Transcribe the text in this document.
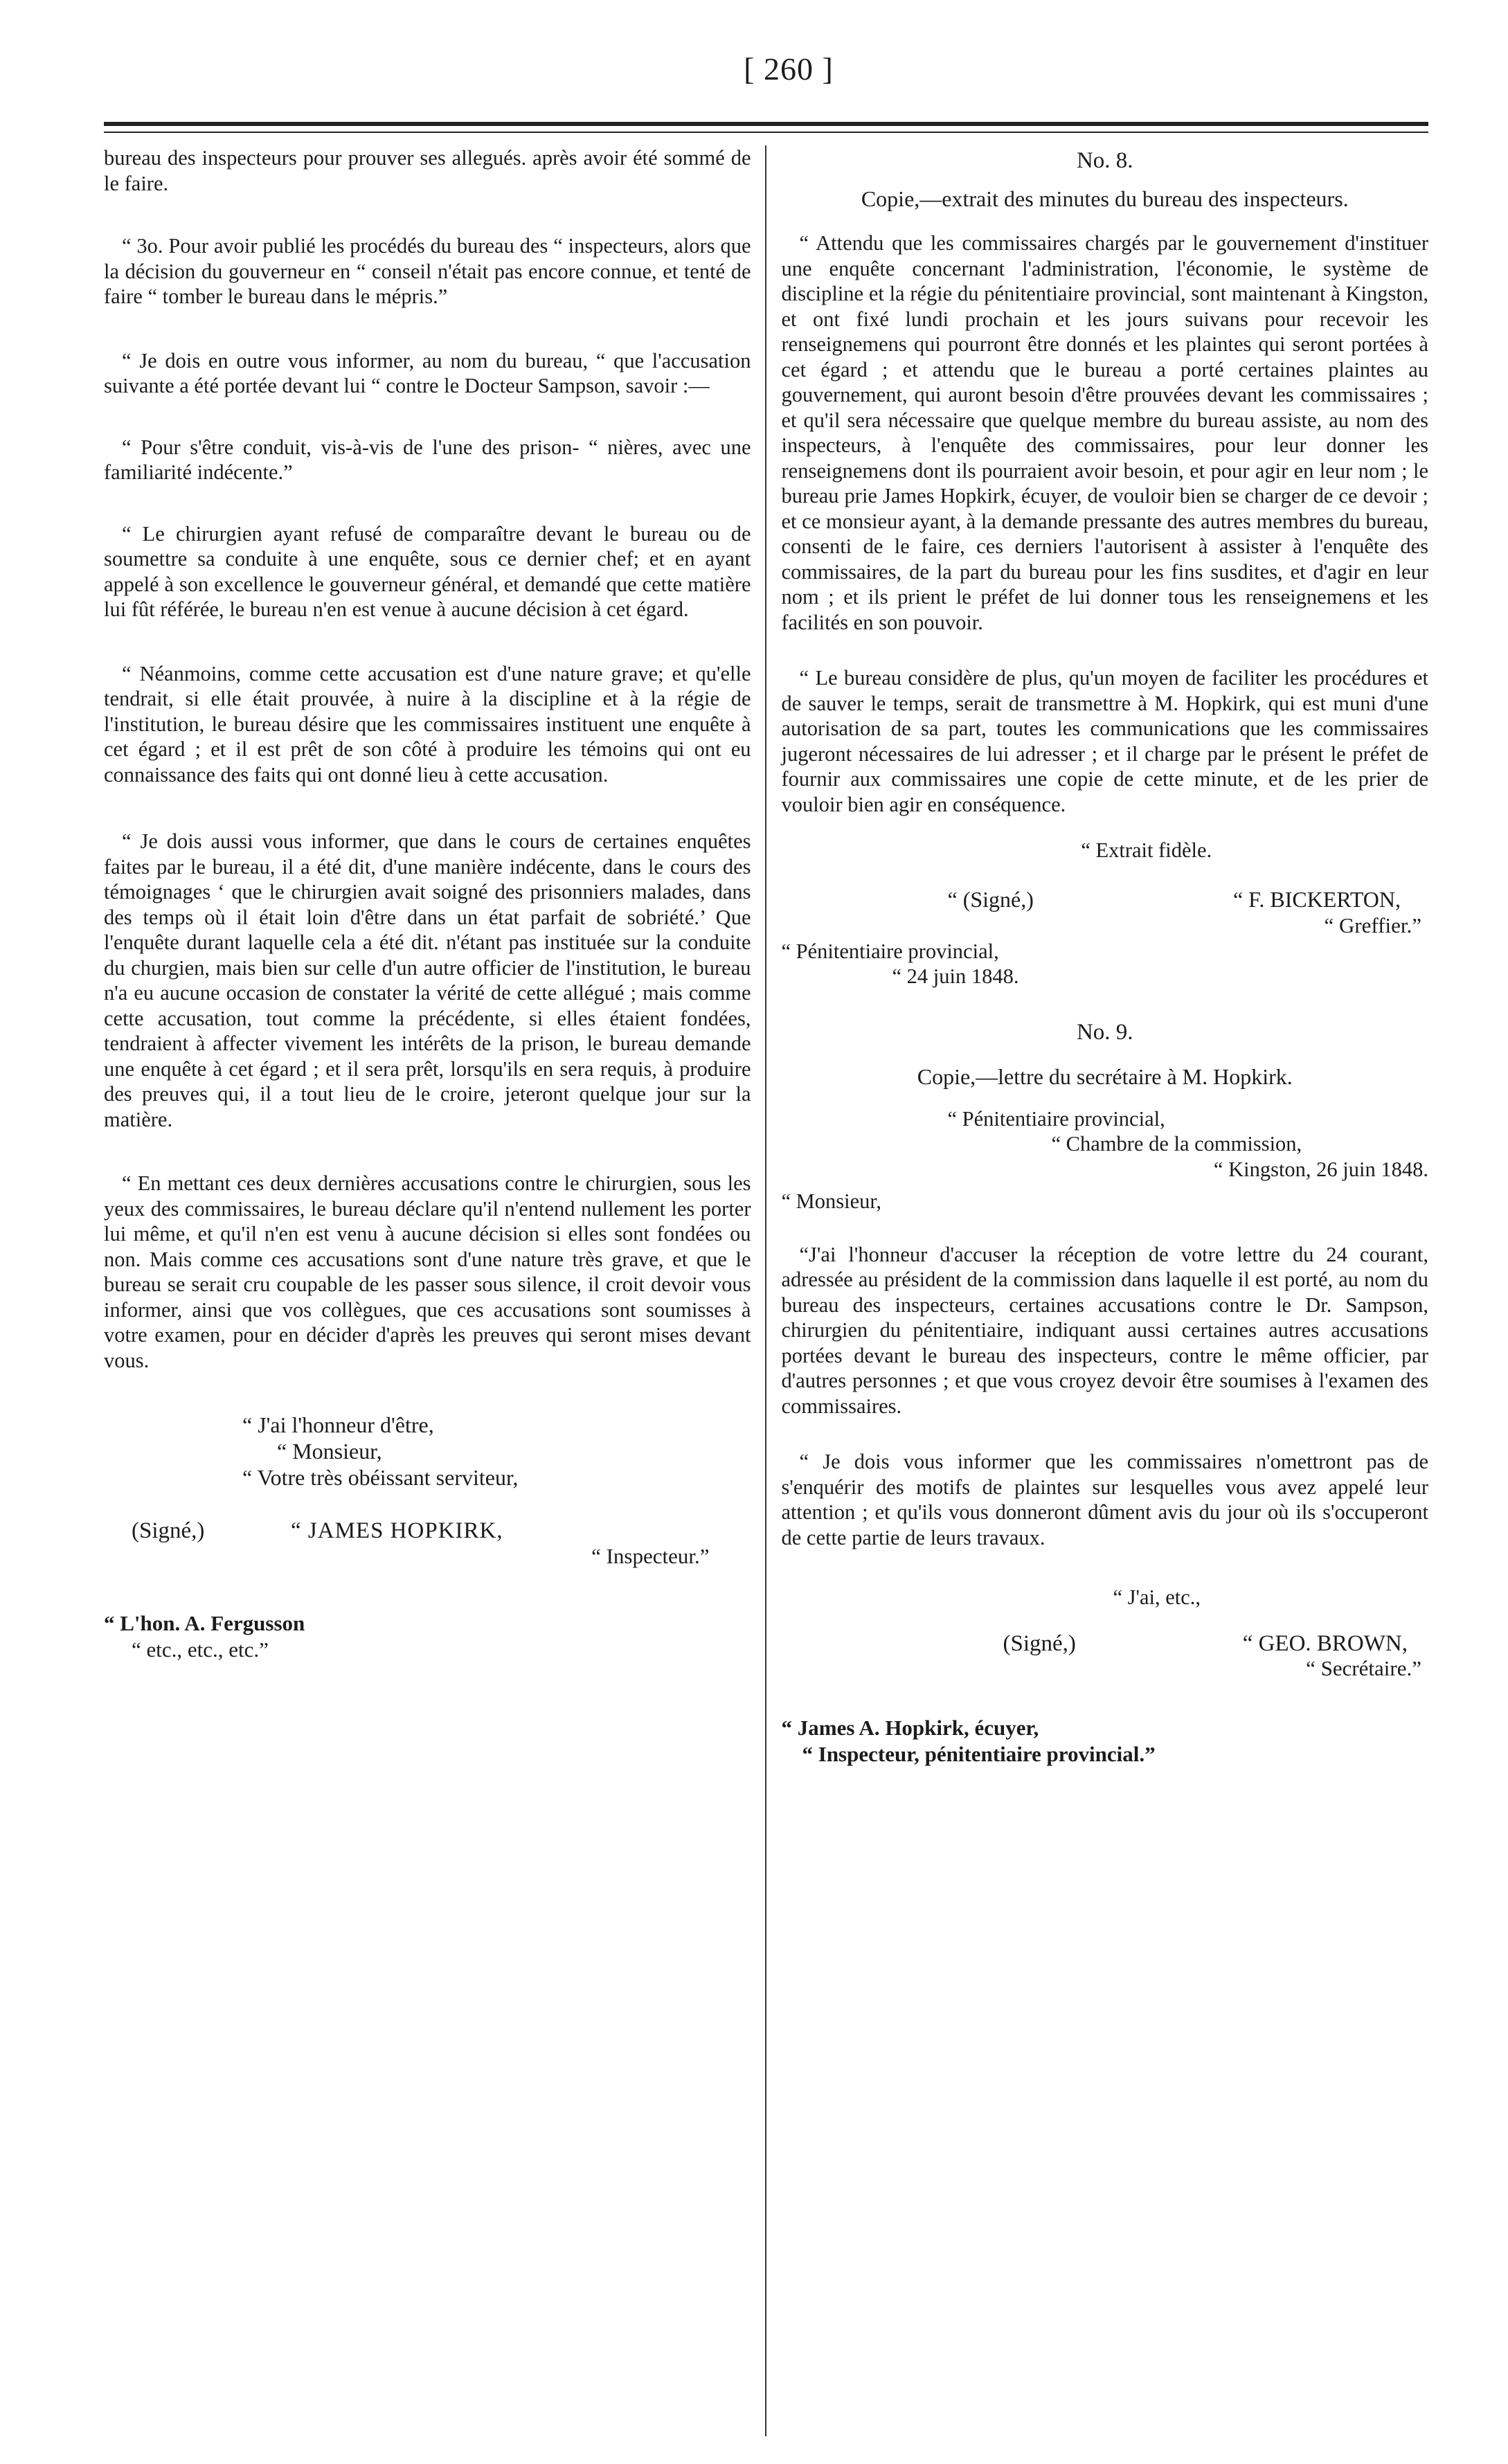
[ 260 ]

bureau des inspecteurs pour prouver ses allegués. après avoir été sommé de le faire.

“ 3o. Pour avoir publié les procédés du bureau des “ inspecteurs, alors que la décision du gouverneur en “ conseil n'était pas encore connue, et tenté de faire “ tomber le bureau dans le mépris.”

“ Je dois en outre vous informer, au nom du bureau, “ que l'accusation suivante a été portée devant lui “ contre le Docteur Sampson, savoir :—

“ Pour s'être conduit, vis-à-vis de l'une des prison- “ nières, avec une familiarité indécente.”

“ Le chirurgien ayant refusé de comparaître devant le bureau ou de soumettre sa conduite à une enquête, sous ce dernier chef; et en ayant appelé à son excellence le gouverneur général, et demandé que cette matière lui fût référée, le bureau n'en est venue à aucune décision à cet égard.

“ Néanmoins, comme cette accusation est d'une nature grave; et qu'elle tendrait, si elle était prouvée, à nuire à la discipline et à la régie de l'institution, le bureau désire que les commissaires instituent une enquête à cet égard ; et il est prêt de son côté à produire les témoins qui ont eu connaissance des faits qui ont donné lieu à cette accusation.

“ Je dois aussi vous informer, que dans le cours de certaines enquêtes faites par le bureau, il a été dit, d'une manière indécente, dans le cours des témoignages ‘ que le chirurgien avait soigné des prisonniers malades, dans des temps où il était loin d'être dans un état parfait de sobriété.’ Que l'enquête durant laquelle cela a été dit. n'étant pas instituée sur la conduite du churgien, mais bien sur celle d'un autre officier de l'institution, le bureau n'a eu aucune occasion de constater la vérité de cette allégué ; mais comme cette accusation, tout comme la précédente, si elles étaient fondées, tendraient à affecter vivement les intérêts de la prison, le bureau demande une enquête à cet égard ; et il sera prêt, lorsqu'ils en sera requis, à produire des preuves qui, il a tout lieu de le croire, jeteront quelque jour sur la matière.

“ En mettant ces deux dernières accusations contre le chirurgien, sous les yeux des commissaires, le bureau déclare qu'il n'entend nullement les porter lui même, et qu'il n'en est venu à aucune décision si elles sont fondées ou non. Mais comme ces accusations sont d'une nature très grave, et que le bureau se serait cru coupable de les passer sous silence, il croit devoir vous informer, ainsi que vos collègues, que ces accusations sont soumisses à votre examen, pour en décider d'après les preuves qui seront mises devant vous.

“ J'ai l'honneur d'être,
“ Monsieur,
“ Votre très obéissant serviteur,
(Signé,)	“ JAMES HOPKIRK,
“ Inspecteur.”
“ L'hon. A. Fergusson
“ etc., etc., etc.”
No. 8.

Copie,—extrait des minutes du bureau des inspecteurs.

“ Attendu que les commissaires chargés par le gouvernement d'instituer une enquête concernant l'administration, l'économie, le système de discipline et la régie du pénitentiaire provincial, sont maintenant à Kingston, et ont fixé lundi prochain et les jours suivans pour recevoir les renseignemens qui pourront être donnés et les plaintes qui seront portées à cet égard ; et attendu que le bureau a porté certaines plaintes au gouvernement, qui auront besoin d'être prouvées devant les commissaires ; et qu'il sera nécessaire que quelque membre du bureau assiste, au nom des inspecteurs, à l'enquête des commissaires, pour leur donner les renseignemens dont ils pourraient avoir besoin, et pour agir en leur nom ; le bureau prie James Hopkirk, écuyer, de vouloir bien se charger de ce devoir ; et ce monsieur ayant, à la demande pressante des autres membres du bureau, consenti de le faire, ces derniers l'autorisent à assister à l'enquête des commissaires, de la part du bureau pour les fins susdites, et d'agir en leur nom ; et ils prient le préfet de lui donner tous les renseignemens et les facilités en son pouvoir.

“ Le bureau considère de plus, qu'un moyen de faciliter les procédures et de sauver le temps, serait de transmettre à M. Hopkirk, qui est muni d'une autorisation de sa part, toutes les communications que les commissaires jugeront nécessaires de lui adresser ; et il charge par le présent le préfet de fournir aux commissaires une copie de cette minute, et de les prier de vouloir bien agir en conséquence.

“ Extrait fidèle.

“ (Signé,)	“ F. BICKERTON,
“ Greffier.”
“ Pénitentiaire provincial,
“ 24 juin 1848.
No. 9.

Copie,—lettre du secrétaire à M. Hopkirk.

“ Pénitentiaire provincial,
“ Chambre de la commission,
“ Kingston, 26 juin 1848.

“ Monsieur,

“J'ai l'honneur d'accuser la réception de votre lettre du 24 courant, adressée au président de la commission dans laquelle il est porté, au nom du bureau des inspecteurs, certaines accusations contre le Dr. Sampson, chirurgien du pénitentiaire, indiquant aussi certaines autres accusations portées devant le bureau des inspecteurs, contre le même officier, par d'autres personnes ; et que vous croyez devoir être soumises à l'examen des commissaires.

“ Je dois vous informer que les commissaires n'omettront pas de s'enquérir des motifs de plaintes sur lesquelles vous avez appelé leur attention ; et qu'ils vous donneront dûment avis du jour où ils s'occuperont de cette partie de leurs travaux.

“ J'ai, etc.,

(Signé,)	“ GEO. BROWN,
“ Secrétaire.”
“ James A. Hopkirk, écuyer,
“ Inspecteur, pénitentiaire provincial.”
